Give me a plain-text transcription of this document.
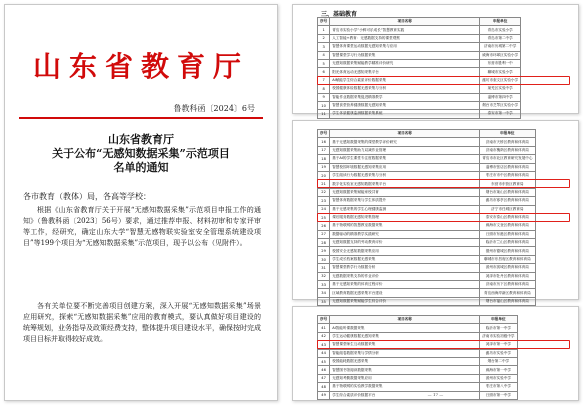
山东省教育厅
鲁教科函〔2024〕6号
山东省教育厅
关于公布“无感知数据采集”示范项目
名单的通知
各市教育（教体）局，各高等学校：
根据《山东省教育厅关于开展“无感知数据采集”示范项目申报工作的通知》（鲁教科函〔2023〕56号）要求，通过推荐申报、材料初审和专家评审等工作，经研究，确定山东大学“智慧无感物联实验室安全管理系统建设项目”等199个项目为“无感知数据采集”示范项目，现予以公布（见附件）。
各有关单位要不断完善项目创建方案，深入开展“无感知数据采集”场景应用研究，探索“无感知数据采集”应用的教育模式，要认真做好项目建设的统筹规划，业务指导及政策经费支持，整体提升项目建设水平，确保按时完成项目目标并取得较好成效。
三、基础教育
序号	项目名称	申报单位
1	青岛市实验小学“小鲜可乐成长”智慧教育实践	青岛市实验小学
2	人工智能+教育：无感数据支持的课堂观察	青岛市第二中学
3	智慧体育课堂运动数据无感知采集与应用	济南市历城第二中学
4	智慧课堂学习行为数据采集	威海市环翠区实验小学
5	无感知数据采集赋能教学精准评价研究	东营市胜利一中
6	阳光体育运动无感知采集平台	聊城市实验小学
7	AI赋能学生综合素质评价数据采集	潍坊市奎文区实验小学
8	校园健康体检数据无感采集与分析	莱芜区实验中学
9	智能作业数据采集促进精准教学	淄博市第四中学
10	智慧食堂营养健康数据无感知采集	烟台市芝罘区实验小学
11	学生体质健康监测数据采集系统	泰安市第一中学
序号	项目名称	申报单位
16	基于无感知数据采集的课堂教学评价研究	济南市天桥区教育和体育局
17	无感知数据采集助力双减作业管理	济南市槐荫区教育和体育局
18	基于AI的学生课堂专注度数据采集	青岛市市北区教育研究发展中心
19	智慧校园环境数据无感知采集应用	淄博市张店区教育和体育局
20	学生阅读行为数据无感采集与分析	枣庄市市中区教育和体育局
21	数字化实验室无感知数据采集平台	东营市东营区教育局
22	无感知数据采集赋能家校共育	烟台市莱山区教育和体育局
23	智慧体育数据采集与学生体质提升	潍坊市寒亭区教育和体育局
24	基于无感采集的学生心理健康监测	济宁市任城区教育局
25	课后服务数据无感知采集管理	泰安市泰山区教育和体育局
26	基于物联网的智慧教室数据采集	威海市文登区教育和体育局
27	数据驱动的精准教学实践研究	日照市东港区教育和体育局
28	无感知数据支持的劳动教育评价	临沂市兰山区教育和体育局
29	校园安全无感知数据采集应用	德州市德城区教育和体育局
30	学生成长档案数据无感采集	聊城市东昌府区教育和体育局
31	智慧课堂教学行为数据分析	滨州市滨城区教育和体育局
32	无感数据采集支持的作业评价	菏泽市牡丹区教育和体育局
33	基于无感知采集的体育过程评价	济南市历下区教育和体育局
34	区域教育数据无感采集平台建设	青岛西海岸新区教育和体育局
35	无感知数据采集赋能学生综合评价	烟台市福山区教育和体育局
序号	项目名称	申报单位
41	AI智能听课数据采集	临沂市第一中学
42	学生运动健康数据无感知采集	济南市实验初级中学
43	智慧课堂师生互动数据采集	菏泽市第一中学
44	智能阅卷数据采集与学情分析	潍坊市实验中学
45	校园能耗数据无感采集	烟台第二中学
46	智慧图书馆阅读数据采集	威海市第一中学
47	无感知考勤数据采集应用	滨州市实验中学
48	基于物联网的实验教学数据采集	枣庄市第八中学
49	学生综合素质评价数据平台	日照市第一中学
— 17 —
